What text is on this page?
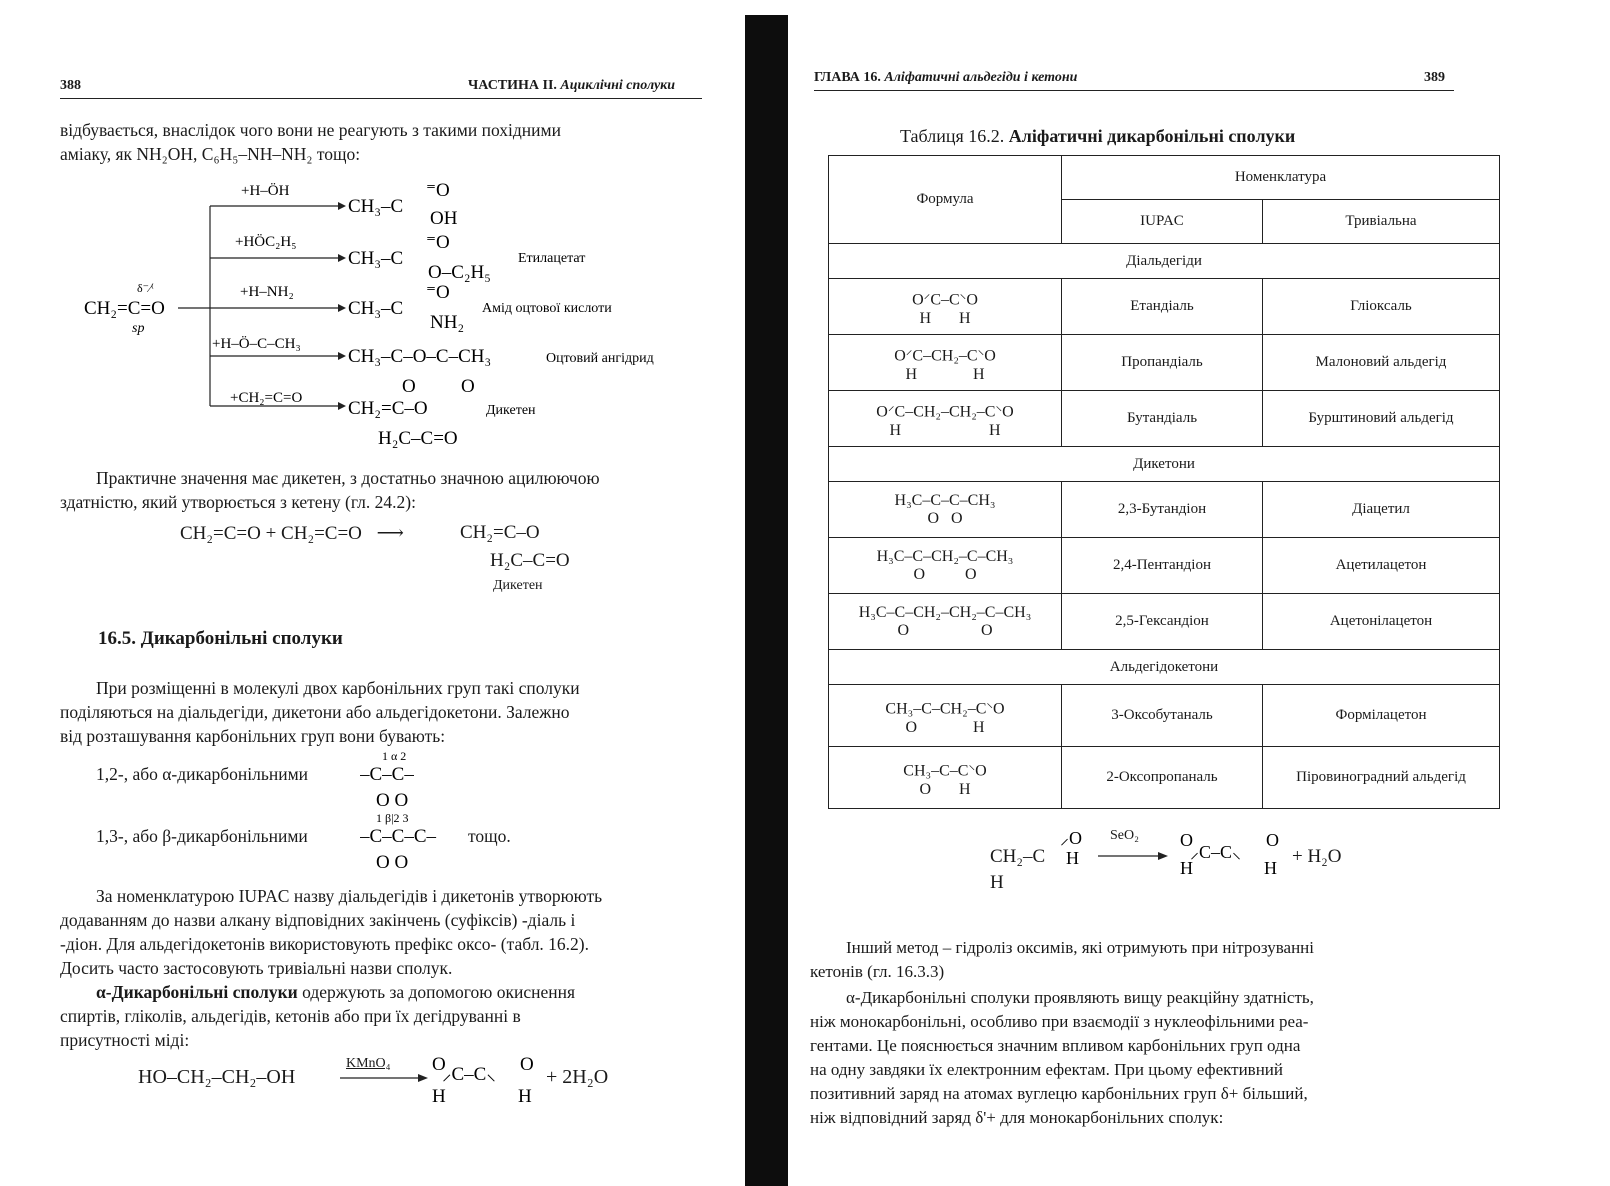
388	ЧАСТИНА II. Ациклічні сполуки
відбувається, внаслідок чого вони не реагують з такими похідними
аміаку, як NH₂OH, C₆H₅–NH–NH₂ тощо:
CH₂=C=O
sp
δ⁻⁄⁽
+H–ÖH
CH₃–C
⁼O
OH
+HÖC₂H₅
CH₃–C
⁼O
O–C₂H₅
Етилацетат
+H–NH₂
CH₃–C
⁼O
NH₂
Амід оцтової кислоти
+H–Ö–C–CH₃
CH₃–C–O–C–CH₃
O O
Оцтовий ангідрид
+CH₂=C=O CH₂=C–O
H₂C–C=O
Дикетен
Практичне значення має дикетен, з достатньо значною ацилюючою
здатністю, який утворюється з кетену (гл. 24.2):
CH₂=C=O + CH₂=C=O ⟶	CH₂=C–O
H₂C–C=O
Дикетен
16.5. Дикарбонільні сполуки
При розміщенні в молекулі двох карбонільних груп такі сполуки
поділяються на діальдегіди, дикетони або альдегідокетони. Залежно
від розташування карбонільних груп вони бувають:
1,2-, або α-дикарбонільними	–C–C–
1 α 2
O O
–C–C–C–
1 β|2 3
O O
1,3-, або β-дикарбонільними	тощо.
За номенклатурою IUPAC назву діальдегідів і дикетонів утворюють
додаванням до назви алкану відповідних закінчень (суфіксів) -діаль і
-діон. Для альдегідокетонів використовують префікс оксо- (табл. 16.2).
Досить часто застосовують тривіальні назви сполук.
α-Дикарбонільні сполуки одержують за допомогою окиснення
спиртів, гліколів, альдегідів, кетонів або при їх дегідруванні в
присутності міді:
HO–CH₂–CH₂–OH
KMnO₄ O
⸝C–C⸜ O
H	H
+ 2H₂O
ГЛАВА 16. Аліфатичні альдегіди і кетони	389
Таблиця 16.2. Аліфатичні дикарбонільні сполуки
Формула	Номенклатура	
	IUPAC	Тривіальна
Діальдегіди		

O⸝C–C⸜O
H       H	Етандіаль	Гліоксаль

O⸝C–CH₂–C⸜O
H              H	Пропандіаль	Малоновий альдегід

O⸝C–CH₂–CH₂–C⸜O
H                      H	Бутандіаль	Бурштиновий альдегід
Дикетони		

H₃C–C–C–CH₃
O   O	2,3-Бутандіон	Діацетил

H₃C–C–CH₂–C–CH₃
O          O	2,4-Пентандіон	Ацетилацетон

H₃C–C–CH₂–CH₂–C–CH₃
O                  O	2,5-Гександіон	Ацетонілацетон
Альдегідокетони		

CH₃–C–CH₂–C⸜O
O              H	3-Оксобутаналь	Формілацетон

CH₃–C–C⸜O
O       H	2-Оксопропаналь	Піровиноградний альдегід
CH₂–C
⸝O
H
H
SeO₂ O
⸝C–C⸜
O
H	H
+ H₂O
Інший метод – гідроліз оксимів, які отримують при нітрозуванні
кетонів (гл. 16.3.3)
α-Дикарбонільні сполуки проявляють вищу реакційну здатність,
ніж монокарбонільні, особливо при взаємодії з нуклеофільними реа-
гентами. Це пояснюється значним впливом карбонільних груп одна
на одну завдяки їх електронним ефектам. При цьому ефективний
позитивний заряд на атомах вуглецю карбонільних груп δ+ більший,
ніж відповідний заряд δ'+ для монокарбонільних сполук:
